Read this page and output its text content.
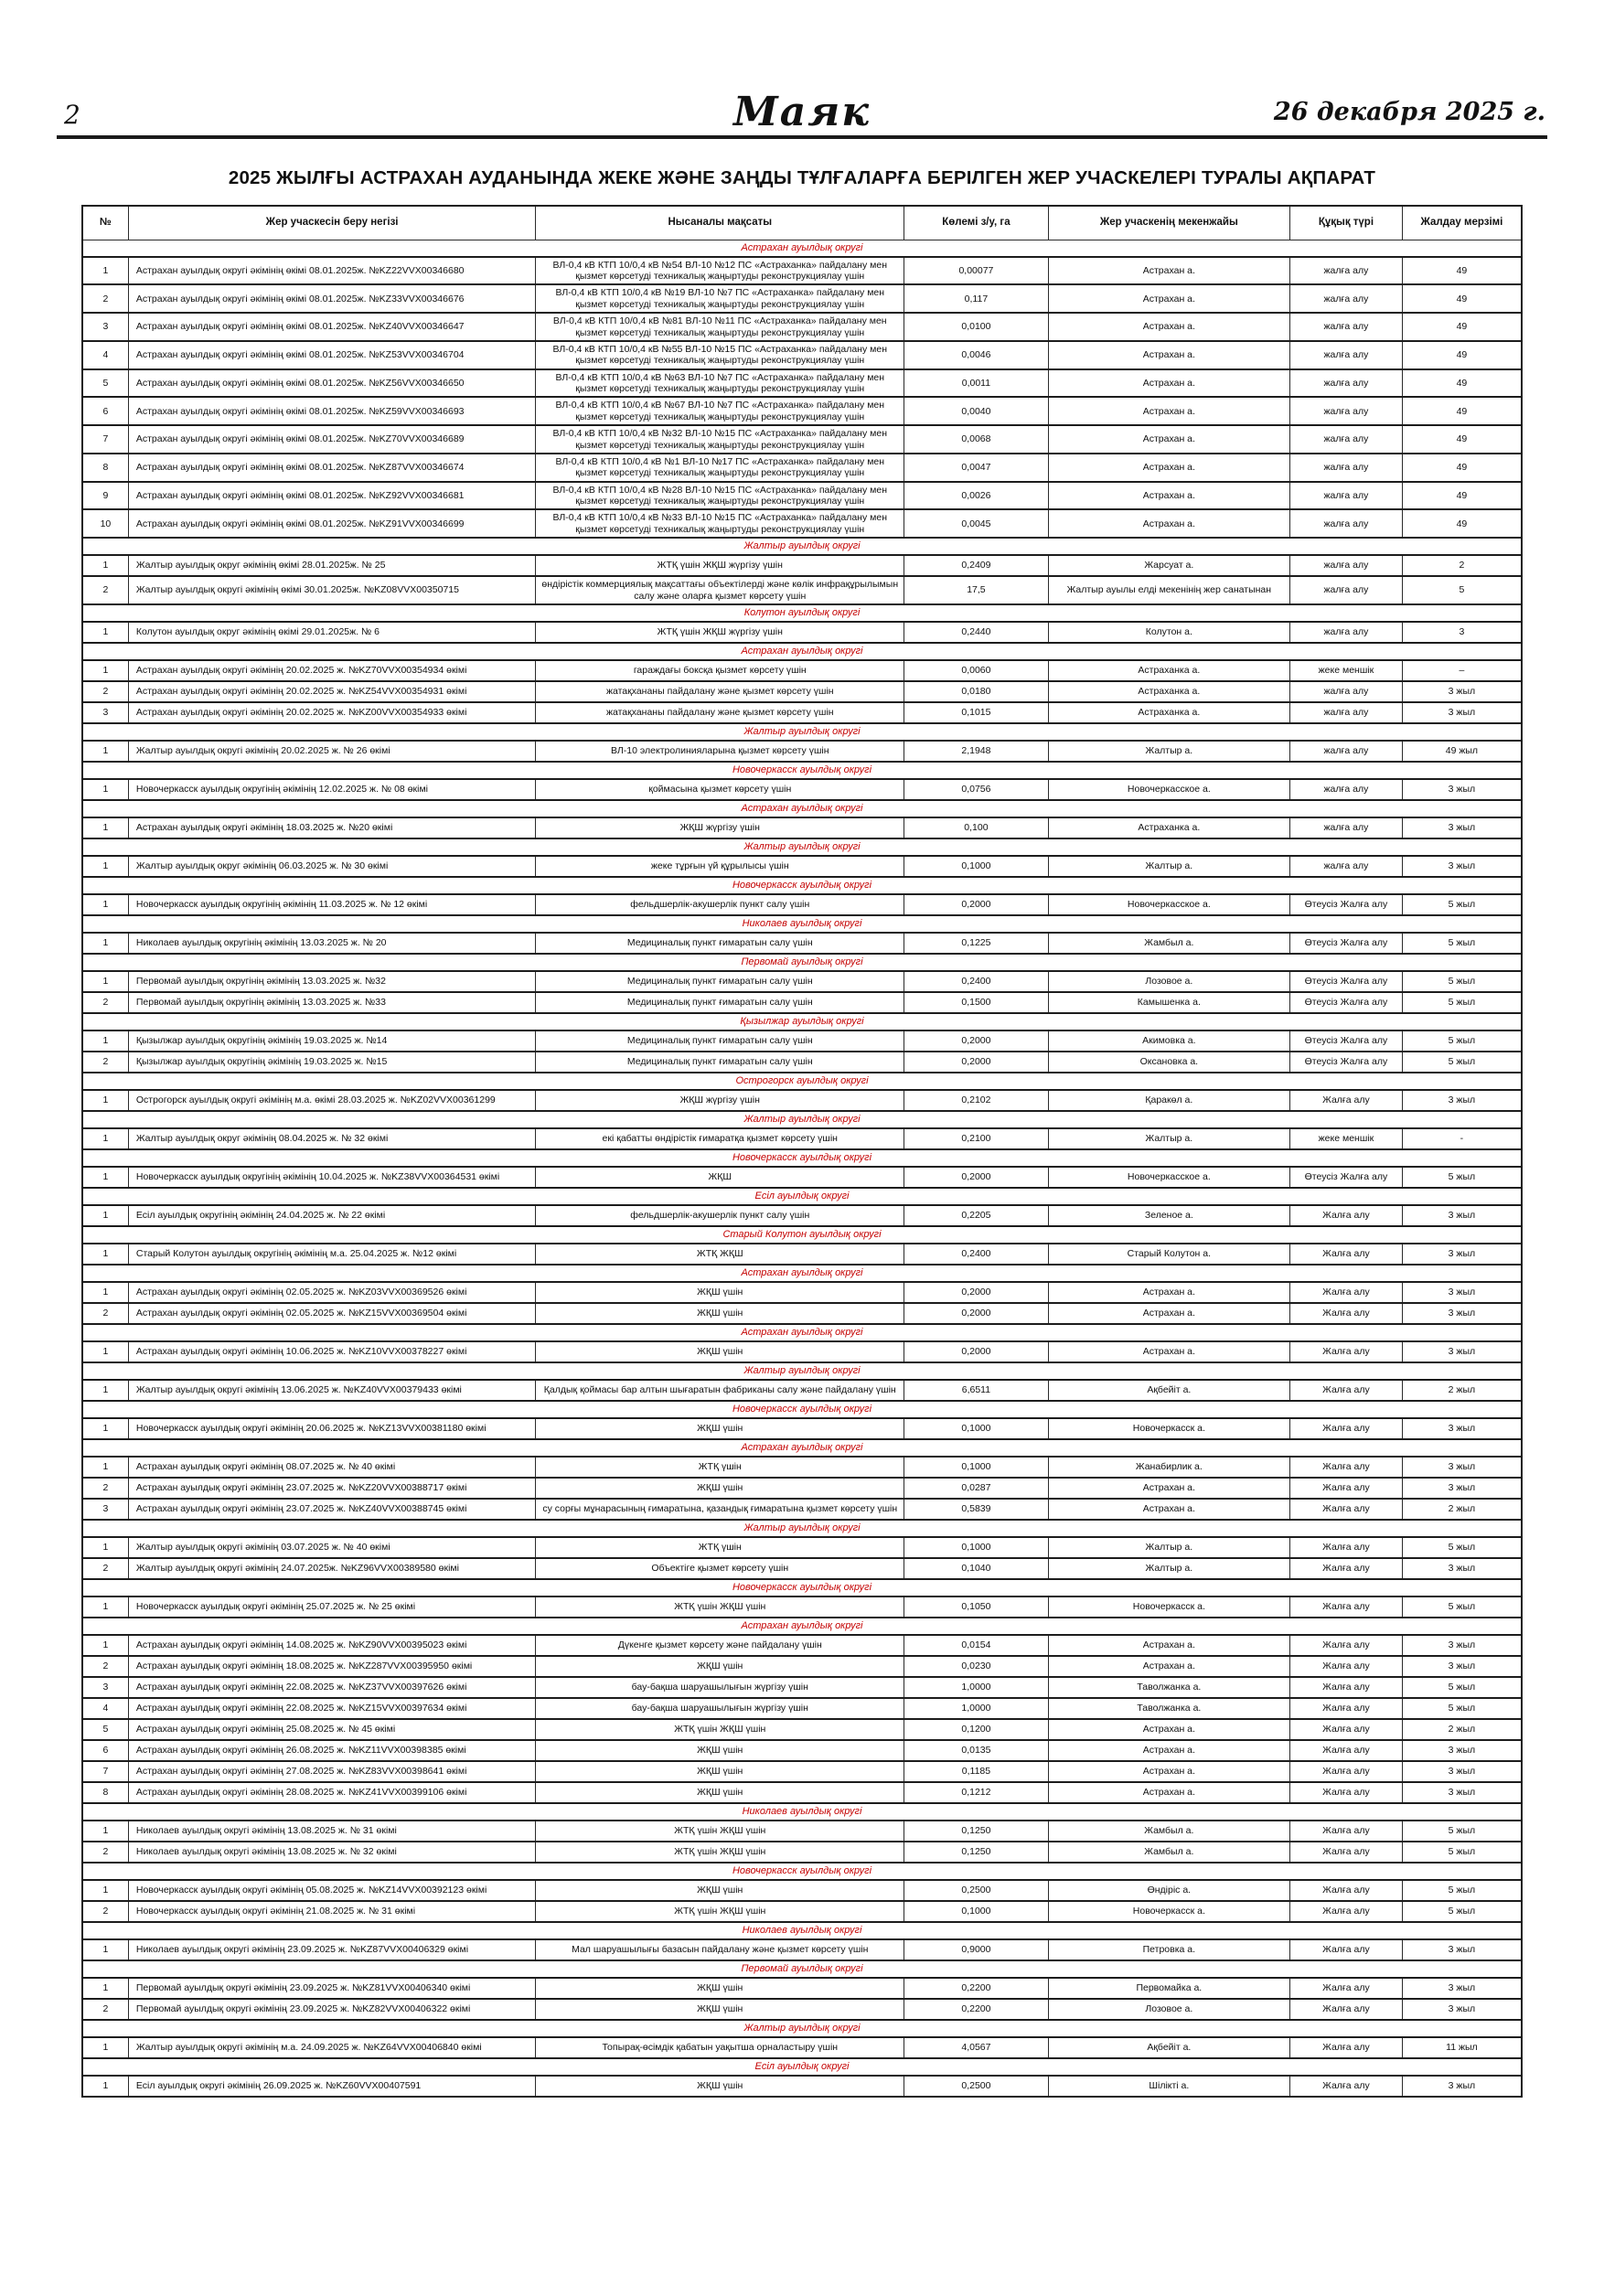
2	Маяк	26 декабря 2025 г.
2025 ЖЫЛҒЫ АСТРАХАН АУДАНЫНДА ЖЕКЕ ЖӘНЕ ЗАҢДЫ ТҰЛҒАЛАРҒА БЕРІЛГЕН ЖЕР УЧАСКЕЛЕРІ ТУРАЛЫ АҚПАРАТ
№	Жер учаскесін беру негізі	Нысаналы мақсаты	Көлемі з/у, га	Жер учаскенің мекенжайы	Құқық түрі	Жалдау мерзімі
Астрахан ауылдық округі						
1	Астрахан ауылдық округі әкімінің өкімі 08.01.2025ж. №KZ22VVX00346680	ВЛ-0,4 кВ КТП 10/0,4 кВ №54 ВЛ-10 №12 ПС «Астраханка» пайдалану мен қызмет көрсетуді техникалық жаңыртуды реконструкциялау үшін	0,00077	Астрахан а.	жалға алу	49
2	Астрахан ауылдық округі әкімінің өкімі 08.01.2025ж. №KZ33VVX00346676	ВЛ-0,4 кВ КТП 10/0,4 кВ №19 ВЛ-10 №7 ПС «Астраханка» пайдалану мен қызмет көрсетуді техникалық жаңыртуды реконструкциялау үшін	0,117	Астрахан а.	жалға алу	49
3	Астрахан ауылдық округі әкімінің өкімі 08.01.2025ж. №KZ40VVX00346647	ВЛ-0,4 кВ КТП 10/0,4 кВ №81 ВЛ-10 №11 ПС «Астраханка» пайдалану мен қызмет көрсетуді техникалық жаңыртуды реконструкциялау үшін	0,0100	Астрахан а.	жалға алу	49
4	Астрахан ауылдық округі әкімінің өкімі 08.01.2025ж. №KZ53VVX00346704	ВЛ-0,4 кВ КТП 10/0,4 кВ №55 ВЛ-10 №15 ПС «Астраханка» пайдалану мен қызмет көрсетуді техникалық жаңыртуды реконструкциялау үшін	0,0046	Астрахан а.	жалға алу	49
5	Астрахан ауылдық округі әкімінің өкімі 08.01.2025ж. №KZ56VVX00346650	ВЛ-0,4 кВ КТП 10/0,4 кВ №63 ВЛ-10 №7 ПС «Астраханка» пайдалану мен қызмет көрсетуді техникалық жаңыртуды реконструкциялау үшін	0,0011	Астрахан а.	жалға алу	49
6	Астрахан ауылдық округі әкімінің өкімі 08.01.2025ж. №KZ59VVX00346693	ВЛ-0,4 кВ КТП 10/0,4 кВ №67 ВЛ-10 №7 ПС «Астраханка» пайдалану мен қызмет көрсетуді техникалық жаңыртуды реконструкциялау үшін	0,0040	Астрахан а.	жалға алу	49
7	Астрахан ауылдық округі әкімінің өкімі 08.01.2025ж. №KZ70VVX00346689	ВЛ-0,4 кВ КТП 10/0,4 кВ №32 ВЛ-10 №15 ПС «Астраханка» пайдалану мен қызмет көрсетуді техникалық жаңыртуды реконструкциялау үшін	0,0068	Астрахан а.	жалға алу	49
8	Астрахан ауылдық округі әкімінің өкімі 08.01.2025ж. №KZ87VVX00346674	ВЛ-0,4 кВ КТП 10/0,4 кВ №1 ВЛ-10 №17 ПС «Астраханка» пайдалану мен қызмет көрсетуді техникалық жаңыртуды реконструкциялау үшін	0,0047	Астрахан а.	жалға алу	49
9	Астрахан ауылдық округі әкімінің өкімі 08.01.2025ж. №KZ92VVX00346681	ВЛ-0,4 кВ КТП 10/0,4 кВ №28 ВЛ-10 №15 ПС «Астраханка» пайдалану мен қызмет көрсетуді техникалық жаңыртуды реконструкциялау үшін	0,0026	Астрахан а.	жалға алу	49
10	Астрахан ауылдық округі әкімінің өкімі 08.01.2025ж. №KZ91VVX00346699	ВЛ-0,4 кВ КТП 10/0,4 кВ №33 ВЛ-10 №15 ПС «Астраханка» пайдалану мен қызмет көрсетуді техникалық жаңыртуды реконструкциялау үшін	0,0045	Астрахан а.	жалға алу	49
Жалтыр ауылдық округі						
1	Жалтыр ауылдық округ әкімінің өкімі 28.01.2025ж. № 25	ЖТҚ үшін ЖҚШ жүргізу үшін	0,2409	Жарсуат а.	жалға алу	2
2	Жалтыр ауылдық округі әкімінің өкімі 30.01.2025ж. №KZ08VVX00350715	өндірістік коммерциялық мақсаттағы объектілерді және көлік инфрақұрылымын салу және оларға қызмет көрсету үшін	17,5	Жалтыр ауылы елді мекенінің жер санатынан	жалға алу	5
Колутон ауылдық округі						
1	Колутон ауылдық округ әкімінің өкімі 29.01.2025ж. № 6	ЖТҚ үшін ЖҚШ жүргізу үшін	0,2440	Колутон а.	жалға алу	3
Астрахан ауылдық округі						
1	Астрахан ауылдық округі әкімінің 20.02.2025 ж. №KZ70VVX00354934 өкімі	гараждағы боксқа қызмет көрсету үшін	0,0060	Астраханка а.	жеке меншік	–
2	Астрахан ауылдық округі әкімінің 20.02.2025 ж. №KZ54VVX00354931 өкімі	жатақхананы пайдалану және қызмет көрсету үшін	0,0180	Астраханка а.	жалға алу	3 жыл
3	Астрахан ауылдық округі әкімінің 20.02.2025 ж. №KZ00VVX00354933 өкімі	жатақхананы пайдалану және қызмет көрсету үшін	0,1015	Астраханка а.	жалға алу	3 жыл
Жалтыр ауылдық округі						
1	Жалтыр ауылдық округі әкімінің 20.02.2025 ж. № 26 өкімі	ВЛ-10 электролинияларына қызмет көрсету үшін	2,1948	Жалтыр а.	жалға алу	49 жыл
Новочеркасск ауылдық округі						
1	Новочеркасск ауылдық округінің әкімінің 12.02.2025 ж. № 08 өкімі	қоймасына қызмет көрсету үшін	0,0756	Новочеркасское а.	жалға алу	3 жыл
Астрахан ауылдық округі						
1	Астрахан ауылдық округі әкімінің 18.03.2025 ж. №20 өкімі	ЖҚШ жүргізу үшін	0,100	Астраханка а.	жалға алу	3 жыл
Жалтыр ауылдық округі						
1	Жалтыр ауылдық округ әкімінің 06.03.2025 ж. № 30 өкімі	жеке тұрғын үй құрылысы үшін	0,1000	Жалтыр а.	жалға алу	3 жыл
Новочеркасск ауылдық округі						
1	Новочеркасск ауылдық округінің әкімінің 11.03.2025 ж. № 12 өкімі	фельдшерлік-акушерлік пункт салу үшін	0,2000	Новочеркасское а.	Өтеусіз Жалға алу	5 жыл
Николаев ауылдық округі						
1	Николаев ауылдық округінің әкімінің 13.03.2025 ж. № 20	Медициналық пункт ғимаратын салу үшін	0,1225	Жамбыл а.	Өтеусіз Жалға алу	5 жыл
Первомай ауылдық округі						
1	Первомай ауылдық округінің әкімінің 13.03.2025 ж. №32	Медициналық пункт ғимаратын салу үшін	0,2400	Лозовое а.	Өтеусіз Жалға алу	5 жыл
2	Первомай ауылдық округінің әкімінің 13.03.2025 ж. №33	Медициналық пункт ғимаратын салу үшін	0,1500	Камышенка а.	Өтеусіз Жалға алу	5 жыл
Қызылжар ауылдық округі						
1	Қызылжар ауылдық округінің әкімінің 19.03.2025 ж. №14	Медициналық пункт ғимаратын салу үшін	0,2000	Акимовка а.	Өтеусіз Жалға алу	5 жыл
2	Қызылжар ауылдық округінің әкімінің 19.03.2025 ж. №15	Медициналық пункт ғимаратын салу үшін	0,2000	Оксановка а.	Өтеусіз Жалға алу	5 жыл
Острогорск ауылдық округі						
1	Острогорск ауылдық округі әкімінің м.а. өкімі 28.03.2025 ж. №KZ02VVX00361299	ЖҚШ жүргізу үшін	0,2102	Қаракөл а.	Жалға алу	3 жыл
Жалтыр ауылдық округі						
1	Жалтыр ауылдық округ әкімінің 08.04.2025 ж. № 32 өкімі	екі қабатты өндірістік ғимаратқа қызмет көрсету үшін	0,2100	Жалтыр а.	жеке меншік	-
Новочеркасск ауылдық округі						
1	Новочеркасск ауылдық округінің әкімінің 10.04.2025 ж. №KZ38VVX00364531 өкімі	ЖҚШ	0,2000	Новочеркасское а.	Өтеусіз Жалға алу	5 жыл
Есіл ауылдық округі						
1	Есіл ауылдық округінің әкімінің 24.04.2025 ж. № 22 өкімі	фельдшерлік-акушерлік пункт салу үшін	0,2205	Зеленое а.	Жалға алу	3 жыл
Старый Колутон ауылдық округі						
1	Старый Колутон ауылдық округінің әкімінің м.а. 25.04.2025 ж. №12 өкімі	ЖТҚ ЖҚШ	0,2400	Старый Колутон а.	Жалға алу	3 жыл
Астрахан ауылдық округі						
1	Астрахан ауылдық округі әкімінің 02.05.2025 ж. №KZ03VVX00369526 өкімі	ЖҚШ үшін	0,2000	Астрахан а.	Жалға алу	3 жыл
2	Астрахан ауылдық округі әкімінің 02.05.2025 ж. №KZ15VVX00369504 өкімі	ЖҚШ үшін	0,2000	Астрахан а.	Жалға алу	3 жыл
Астрахан ауылдық округі						
1	Астрахан ауылдық округі әкімінің 10.06.2025 ж. №KZ10VVX00378227 өкімі	ЖҚШ үшін	0,2000	Астрахан а.	Жалға алу	3 жыл
Жалтыр ауылдық округі						
1	Жалтыр ауылдық округі әкімінің 13.06.2025 ж. №KZ40VVX00379433 өкімі	Қалдық қоймасы бар алтын шығаратын фабриканы салу және пайдалану үшін	6,6511	Ақбейіт а.	Жалға алу	2 жыл
Новочеркасск ауылдық округі						
1	Новочеркасск ауылдық округі әкімінің 20.06.2025 ж. №KZ13VVX00381180 өкімі	ЖҚШ үшін	0,1000	Новочеркасск а.	Жалға алу	3 жыл
Астрахан ауылдық округі						
1	Астрахан ауылдық округі әкімінің 08.07.2025 ж. № 40 өкімі	ЖТҚ үшін	0,1000	Жанабирлик а.	Жалға алу	3 жыл
2	Астрахан ауылдық округі әкімінің 23.07.2025 ж. №KZ20VVX00388717 өкімі	ЖҚШ үшін	0,0287	Астрахан а.	Жалға алу	3 жыл
3	Астрахан ауылдық округі әкімінің 23.07.2025 ж. №KZ40VVX00388745 өкімі	су сорғы мұнарасының ғимаратына, қазандық ғимаратына қызмет көрсету үшін	0,5839	Астрахан а.	Жалға алу	2 жыл
Жалтыр ауылдық округі						
1	Жалтыр ауылдық округі әкімінің 03.07.2025 ж. № 40 өкімі	ЖТҚ үшін	0,1000	Жалтыр а.	Жалға алу	5 жыл
2	Жалтыр ауылдық округі әкімінің 24.07.2025ж. №KZ96VVX00389580 өкімі	Объектіге қызмет көрсету үшін	0,1040	Жалтыр а.	Жалға алу	3 жыл
Новочеркасск ауылдық округі						
1	Новочеркасск ауылдық округі әкімінің 25.07.2025 ж. № 25 өкімі	ЖТҚ үшін ЖҚШ үшін	0,1050	Новочеркасск а.	Жалға алу	5 жыл
Астрахан ауылдық округі						
1	Астрахан ауылдық округі әкімінің 14.08.2025 ж. №KZ90VVX00395023 өкімі	Дүкенге қызмет көрсету және пайдалану үшін	0,0154	Астрахан а.	Жалға алу	3 жыл
2	Астрахан ауылдық округі әкімінің 18.08.2025 ж. №KZ287VVX00395950 өкімі	ЖҚШ үшін	0,0230	Астрахан а.	Жалға алу	3 жыл
3	Астрахан ауылдық округі әкімінің 22.08.2025 ж. №KZ37VVX00397626 өкімі	бау-бақша шаруашылығын жүргізу үшін	1,0000	Таволжанка а.	Жалға алу	5 жыл
4	Астрахан ауылдық округі әкімінің 22.08.2025 ж. №KZ15VVX00397634 өкімі	бау-бақша шаруашылығын жүргізу үшін	1,0000	Таволжанка а.	Жалға алу	5 жыл
5	Астрахан ауылдық округі әкімінің 25.08.2025 ж. № 45 өкімі	ЖТҚ үшін ЖҚШ үшін	0,1200	Астрахан а.	Жалға алу	2 жыл
6	Астрахан ауылдық округі әкімінің 26.08.2025 ж. №KZ11VVX00398385 өкімі	ЖҚШ үшін	0,0135	Астрахан а.	Жалға алу	3 жыл
7	Астрахан ауылдық округі әкімінің 27.08.2025 ж. №KZ83VVX00398641 өкімі	ЖҚШ үшін	0,1185	Астрахан а.	Жалға алу	3 жыл
8	Астрахан ауылдық округі әкімінің 28.08.2025 ж. №KZ41VVX00399106 өкімі	ЖҚШ үшін	0,1212	Астрахан а.	Жалға алу	3 жыл
Николаев ауылдық округі						
1	Николаев ауылдық округі әкімінің 13.08.2025 ж. № 31 өкімі	ЖТҚ үшін ЖҚШ үшін	0,1250	Жамбыл а.	Жалға алу	5 жыл
2	Николаев ауылдық округі әкімінің 13.08.2025 ж. № 32 өкімі	ЖТҚ үшін ЖҚШ үшін	0,1250	Жамбыл а.	Жалға алу	5 жыл
Новочеркасск ауылдық округі						
1	Новочеркасск ауылдық округі әкімінің 05.08.2025 ж. №KZ14VVX00392123 өкімі	ЖҚШ үшін	0,2500	Өндіріс а.	Жалға алу	5 жыл
2	Новочеркасск ауылдық округі әкімінің 21.08.2025 ж. № 31 өкімі	ЖТҚ үшін ЖҚШ үшін	0,1000	Новочеркасск а.	Жалға алу	5 жыл
Николаев ауылдық округі						
1	Николаев ауылдық округі әкімінің 23.09.2025 ж. №KZ87VVX00406329 өкімі	Мал шаруашылығы базасын пайдалану және қызмет көрсету үшін	0,9000	Петровка а.	Жалға алу	3 жыл
Первомай ауылдық округі						
1	Первомай ауылдық округі әкімінің 23.09.2025 ж. №KZ81VVX00406340 өкімі	ЖҚШ үшін	0,2200	Первомайка а.	Жалға алу	3 жыл
2	Первомай ауылдық округі әкімінің 23.09.2025 ж. №KZ82VVX00406322 өкімі	ЖҚШ үшін	0,2200	Лозовое а.	Жалға алу	3 жыл
Жалтыр ауылдық округі						
1	Жалтыр ауылдық округі әкімінің м.а. 24.09.2025 ж. №KZ64VVX00406840 өкімі	Топырақ-өсімдік қабатын уақытша орналастыру үшін	4,0567	Ақбейіт а.	Жалға алу	11 жыл
Есіл ауылдық округі						
1	Есіл ауылдық округі әкімінің 26.09.2025 ж. №KZ60VVX00407591	ЖҚШ үшін	0,2500	Шілікті а.	Жалға алу	3 жыл
